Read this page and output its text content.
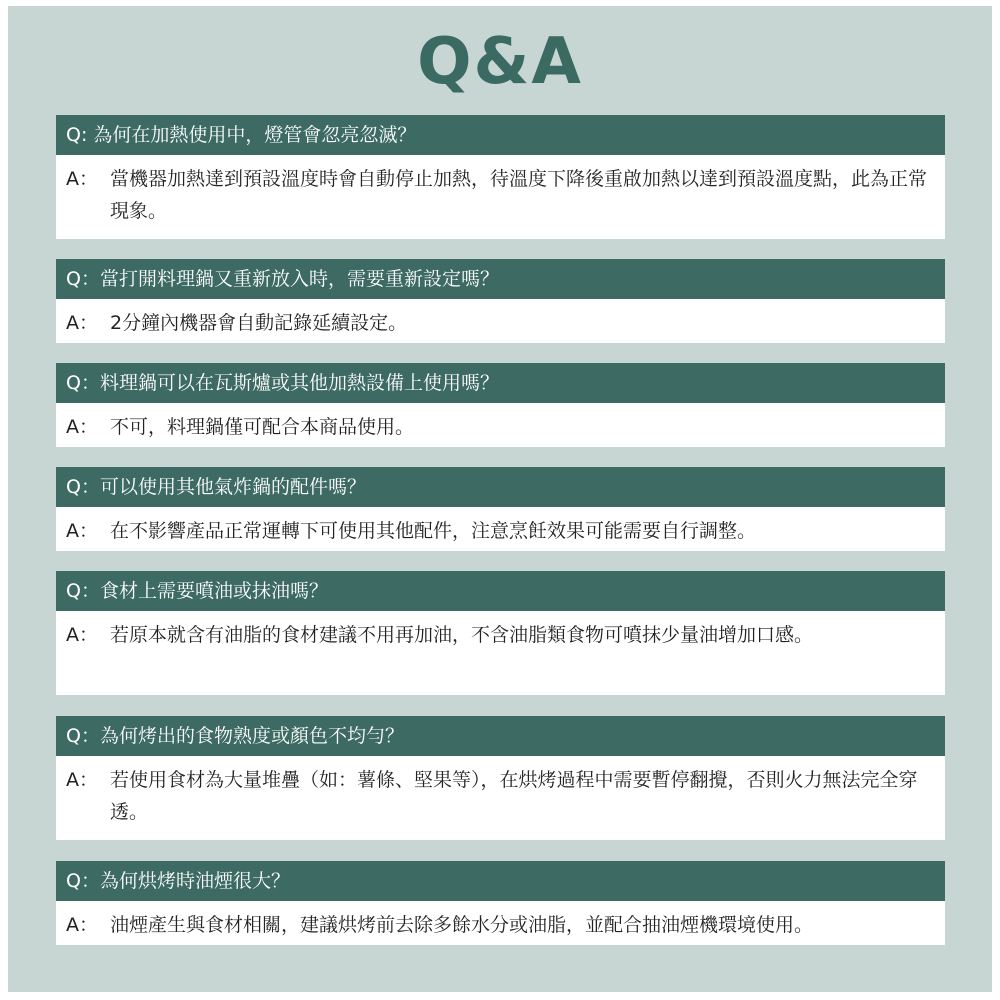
Q&A
Q: 為何在加熱使用中，燈管會忽亮忽滅？
A： 當機器加熱達到預設溫度時會自動停止加熱，待溫度下降後重啟加熱以達到預設溫度點，此為正常現象。
Q：當打開料理鍋又重新放入時，需要重新設定嗎？
A： 2分鐘內機器會自動記錄延續設定。
Q：料理鍋可以在瓦斯爐或其他加熱設備上使用嗎？
A： 不可，料理鍋僅可配合本商品使用。
Q：可以使用其他氣炸鍋的配件嗎？
A： 在不影響產品正常運轉下可使用其他配件，注意烹飪效果可能需要自行調整。
Q：食材上需要噴油或抹油嗎？
A： 若原本就含有油脂的食材建議不用再加油，不含油脂類食物可噴抹少量油增加口感。
Q：為何烤出的食物熟度或顏色不均勻？
A： 若使用食材為大量堆疊（如：薯條、堅果等），在烘烤過程中需要暫停翻攪，否則火力無法完全穿透。
Q：為何烘烤時油煙很大？
A： 油煙產生與食材相關，建議烘烤前去除多餘水分或油脂，並配合抽油煙機環境使用。
